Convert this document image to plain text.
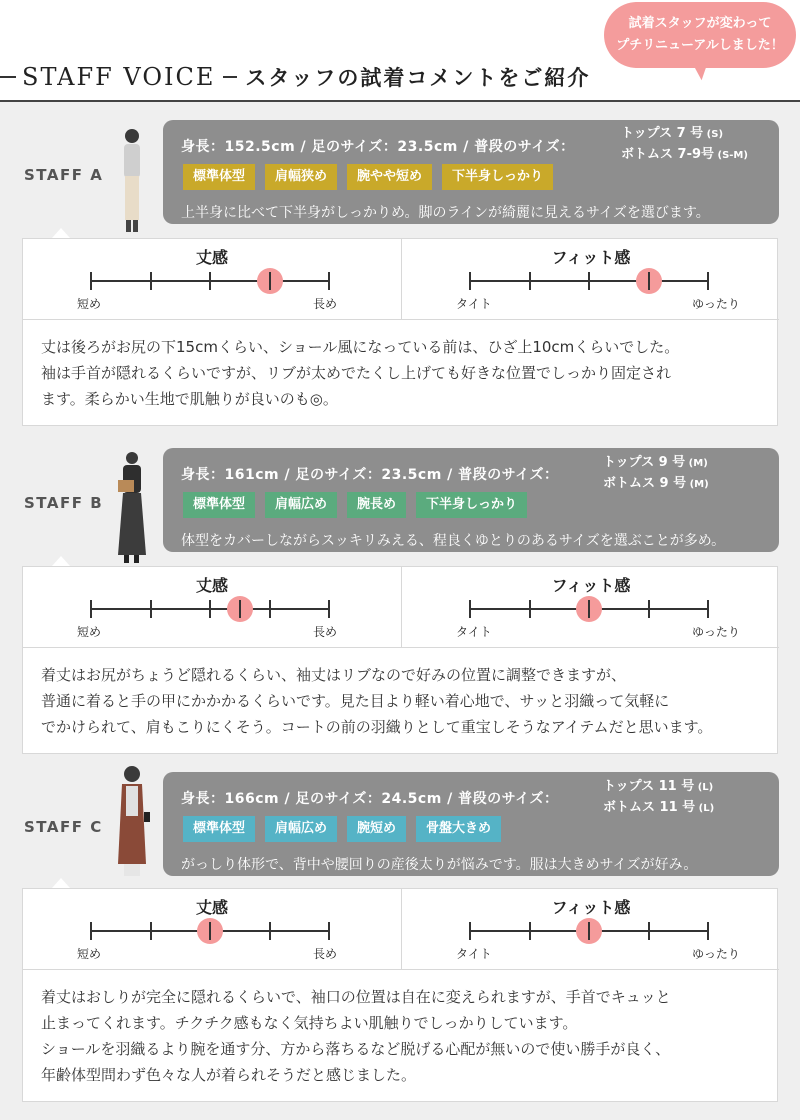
STAFF VOICE スタッフの試着コメントをご紹介
試着スタッフが変わって
プチリニューアルしました！
STAFF A
身長：152.5cm / 足のサイズ：23.5cm / 普段のサイズ：
トップス 7 号 (S)
ボトムス 7-9号 (S-M)
標準体型	肩幅狭め	腕やや短め	下半身しっかり
上半身に比べて下半身がしっかりめ。脚のラインが綺麗に見えるサイズを選びます。
丈感
短め	長め
フィット感
タイト	ゆったり
丈は後ろがお尻の下15cmくらい、ショール風になっている前は、ひざ上10cmくらいでした。
袖は手首が隠れるくらいですが、リブが太めでたくし上げても好きな位置でしっかり固定され
ます。柔らかい生地で肌触りが良いのも◎。
STAFF B
身長：161cm / 足のサイズ：23.5cm / 普段のサイズ：
トップス 9 号 (M)
ボトムス 9 号 (M)
標準体型	肩幅広め	腕長め	下半身しっかり
体型をカバーしながらスッキリみえる、程良くゆとりのあるサイズを選ぶことが多め。
丈感
短め	長め
フィット感
タイト	ゆったり
着丈はお尻がちょうど隠れるくらい、袖丈はリブなので好みの位置に調整できますが、
普通に着ると手の甲にかかかるくらいです。見た目より軽い着心地で、サッと羽織って気軽に
でかけられて、肩もこりにくそう。コートの前の羽織りとして重宝しそうなアイテムだと思います。
STAFF C
身長：166cm / 足のサイズ：24.5cm / 普段のサイズ：
トップス 11 号 (L)
ボトムス 11 号 (L)
標準体型	肩幅広め	腕短め	骨盤大きめ
がっしり体形で、背中や腰回りの産後太りが悩みです。服は大きめサイズが好み。
丈感
短め	長め
フィット感
タイト	ゆったり
着丈はおしりが完全に隠れるくらいで、袖口の位置は自在に変えられますが、手首でキュッと
止まってくれます。チクチク感もなく気持ちよい肌触りでしっかりしています。
ショールを羽織るより腕を通す分、方から落ちるなど脱げる心配が無いので使い勝手が良く、
年齢体型問わず色々な人が着られそうだと感じました。
